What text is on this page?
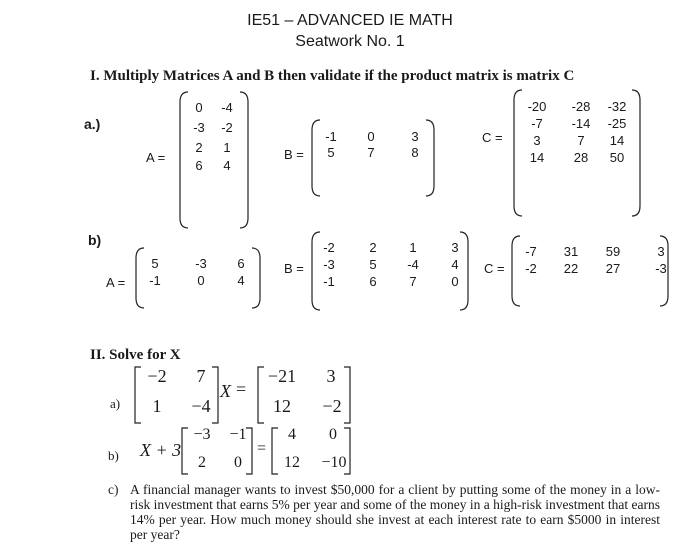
IE51 – ADVANCED IE MATH
Seatwork No. 1
I. Multiply Matrices A and B then validate if the product matrix is matrix C
a.)
A =
0	-4
-3	-2
2	1
6	4
B =
-1	0	3
5	7	8
C =
-20	-28	-32
-7	-14	-25
3	7	14
14	28	50
b)
A =
5	-3	6
-1	0	4
B =
-2	2	1	3
-3	5	-4	4
-1	6	7	0
C =
-7	31	59	3
-2	22	27	-3
II. Solve for X
a)
−2	7
1	−4
X =
−21	3
12	−2
b) X + 3
−3	−1
2	0
=
4	0
12	−10
c) A financial manager wants to invest $50,000 for a client by putting some of the money in a low-risk investment that earns 5% per year and some of the money in a high-risk investment that earns 14% per year. How much money should she invest at each interest rate to earn $5000 in interest per year?
